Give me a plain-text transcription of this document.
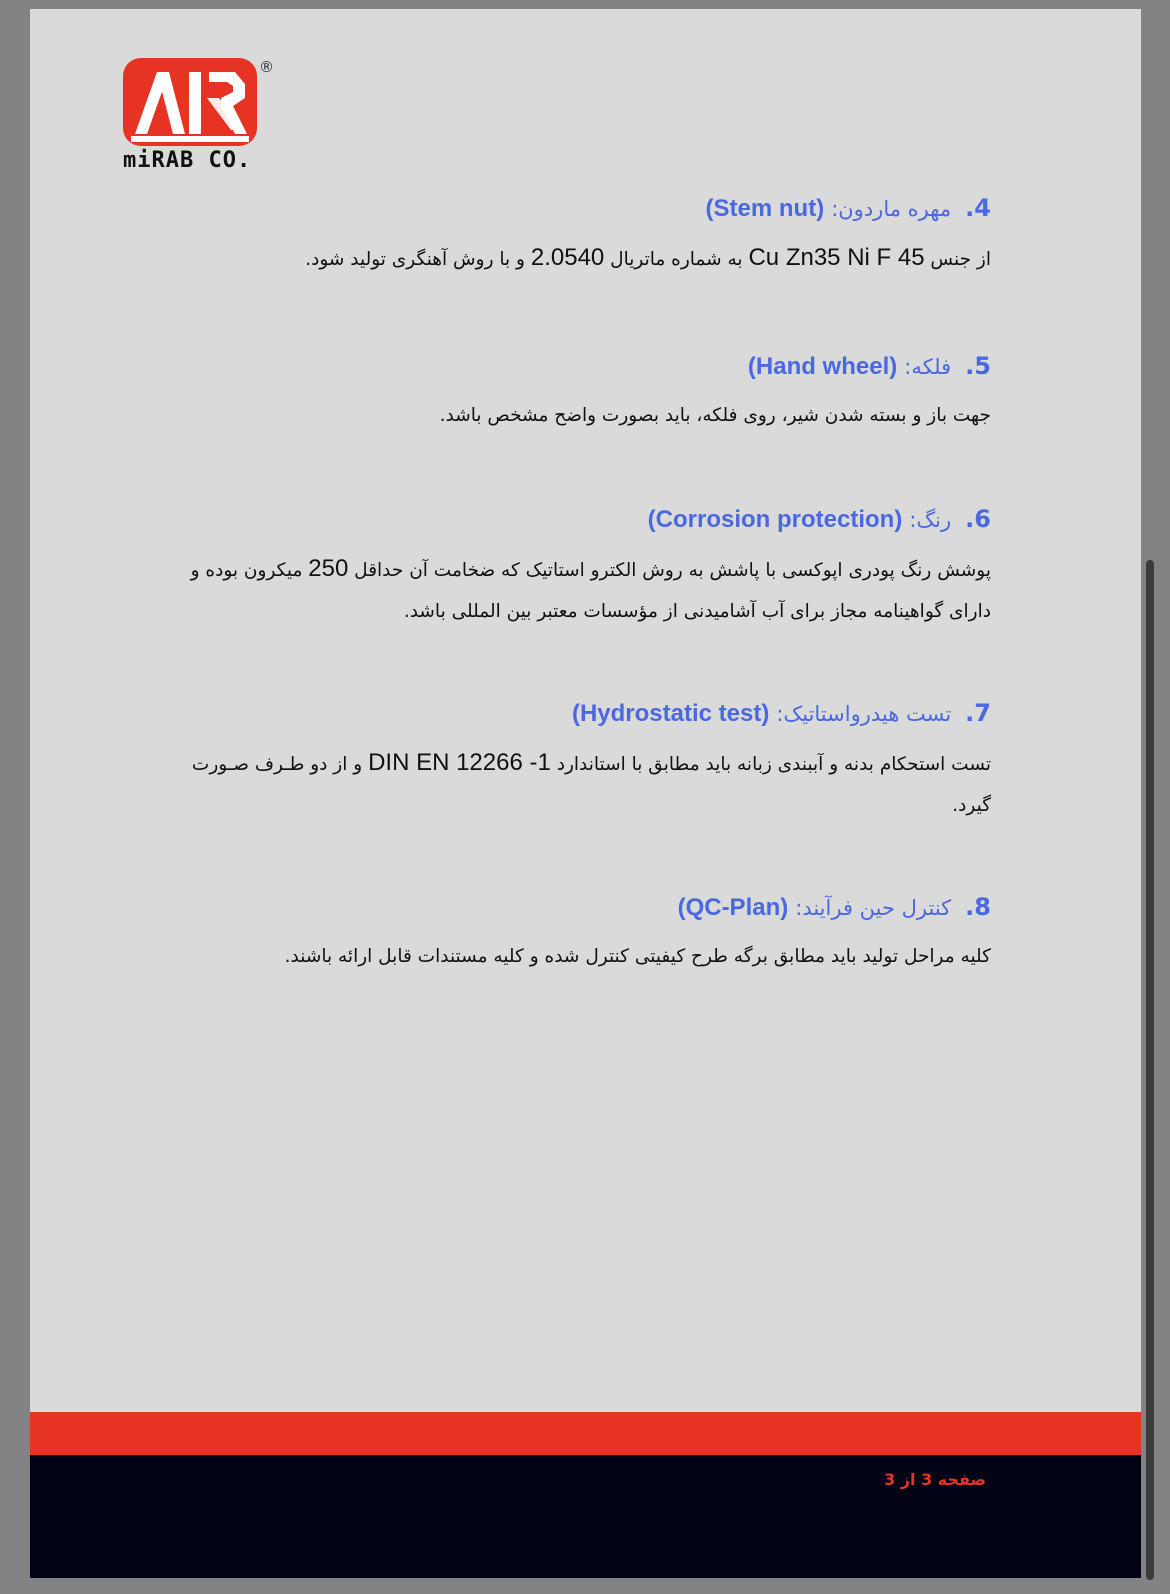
®
miRAB CO.
4.  مهره ماردون: (Stem nut)
از جنس Cu Zn35 Ni F 45 به شماره ماتریال 2.0540 و با روش آهنگری تولید شود.
5.  فلکه: (Hand wheel)
جهت باز و بسته شدن شیر، روی فلکه، باید بصورت واضح مشخص باشد.
6.  رنگ: (Corrosion protection)
پوشش رنگ پودری اپوکسی با پاشش به روش الکترو استاتیک که ضخامت آن حداقل 250 میکرون بوده و دارای گواهینامه مجاز برای آب آشامیدنی از مؤسسات معتبر بین المللی باشد.
7.  تست هیدرواستاتیک: (Hydrostatic test)
تست استحکام بدنه و آببندی زبانه باید مطابق با استاندارد DIN EN 12266 -1 و از دو طـرف صـورت گیرد.
8.  کنترل حین فرآیند: (QC-Plan)
کلیه مراحل تولید باید مطابق برگه طرح کیفیتی کنترل شده و کلیه مستندات قابل ارائه باشند.
صفحه 3 از 3
